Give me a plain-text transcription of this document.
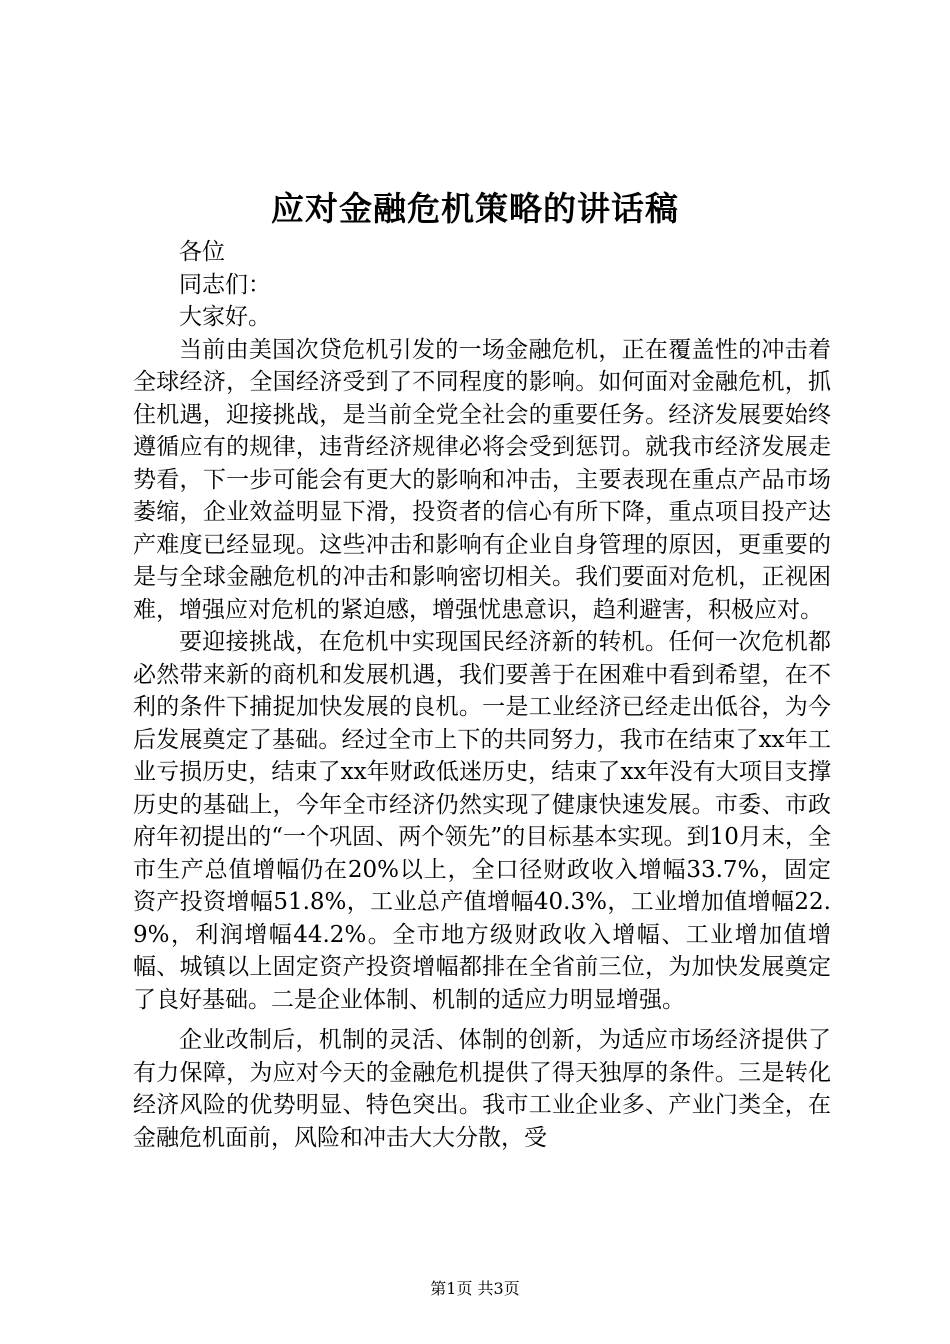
应对金融危机策略的讲话稿

各位

同志们：

大家好。

当前由美国次贷危机引发的一场金融危机，正在覆盖性的冲击着全球经济，全国经济受到了不同程度的影响。如何面对金融危机，抓住机遇，迎接挑战，是当前全党全社会的重要任务。经济发展要始终遵循应有的规律，违背经济规律必将会受到惩罚。就我市经济发展走势看，下一步可能会有更大的影响和冲击，主要表现在重点产品市场萎缩，企业效益明显下滑，投资者的信心有所下降，重点项目投产达产难度已经显现。这些冲击和影响有企业自身管理的原因，更重要的是与全球金融危机的冲击和影响密切相关。我们要面对危机，正视困难，增强应对危机的紧迫感，增强忧患意识，趋利避害，积极应对。

要迎接挑战，在危机中实现国民经济新的转机。任何一次危机都必然带来新的商机和发展机遇，我们要善于在困难中看到希望，在不利的条件下捕捉加快发展的良机。一是工业经济已经走出低谷，为今后发展奠定了基础。经过全市上下的共同努力，我市在结束了xx年工业亏损历史，结束了xx年财政低迷历史，结束了xx年没有大项目支撑历史的基础上，今年全市经济仍然实现了健康快速发展。市委、市政府年初提出的“一个巩固、两个领先”的目标基本实现。到10月末，全市生产总值增幅仍在20%以上，全口径财政收入增幅33.7%，固定资产投资增幅51.8%，工业总产值增幅40.3%，工业增加值增幅22.9%，利润增幅44.2%。全市地方级财政收入增幅、工业增加值增幅、城镇以上固定资产投资增幅都排在全省前三位，为加快发展奠定了良好基础。二是企业体制、机制的适应力明显增强。

企业改制后，机制的灵活、体制的创新，为适应市场经济提供了有力保障，为应对今天的金融危机提供了得天独厚的条件。三是转化经济风险的优势明显、特色突出。我市工业企业多、产业门类全，在金融危机面前，风险和冲击大大分散，受

第1页 共3页
